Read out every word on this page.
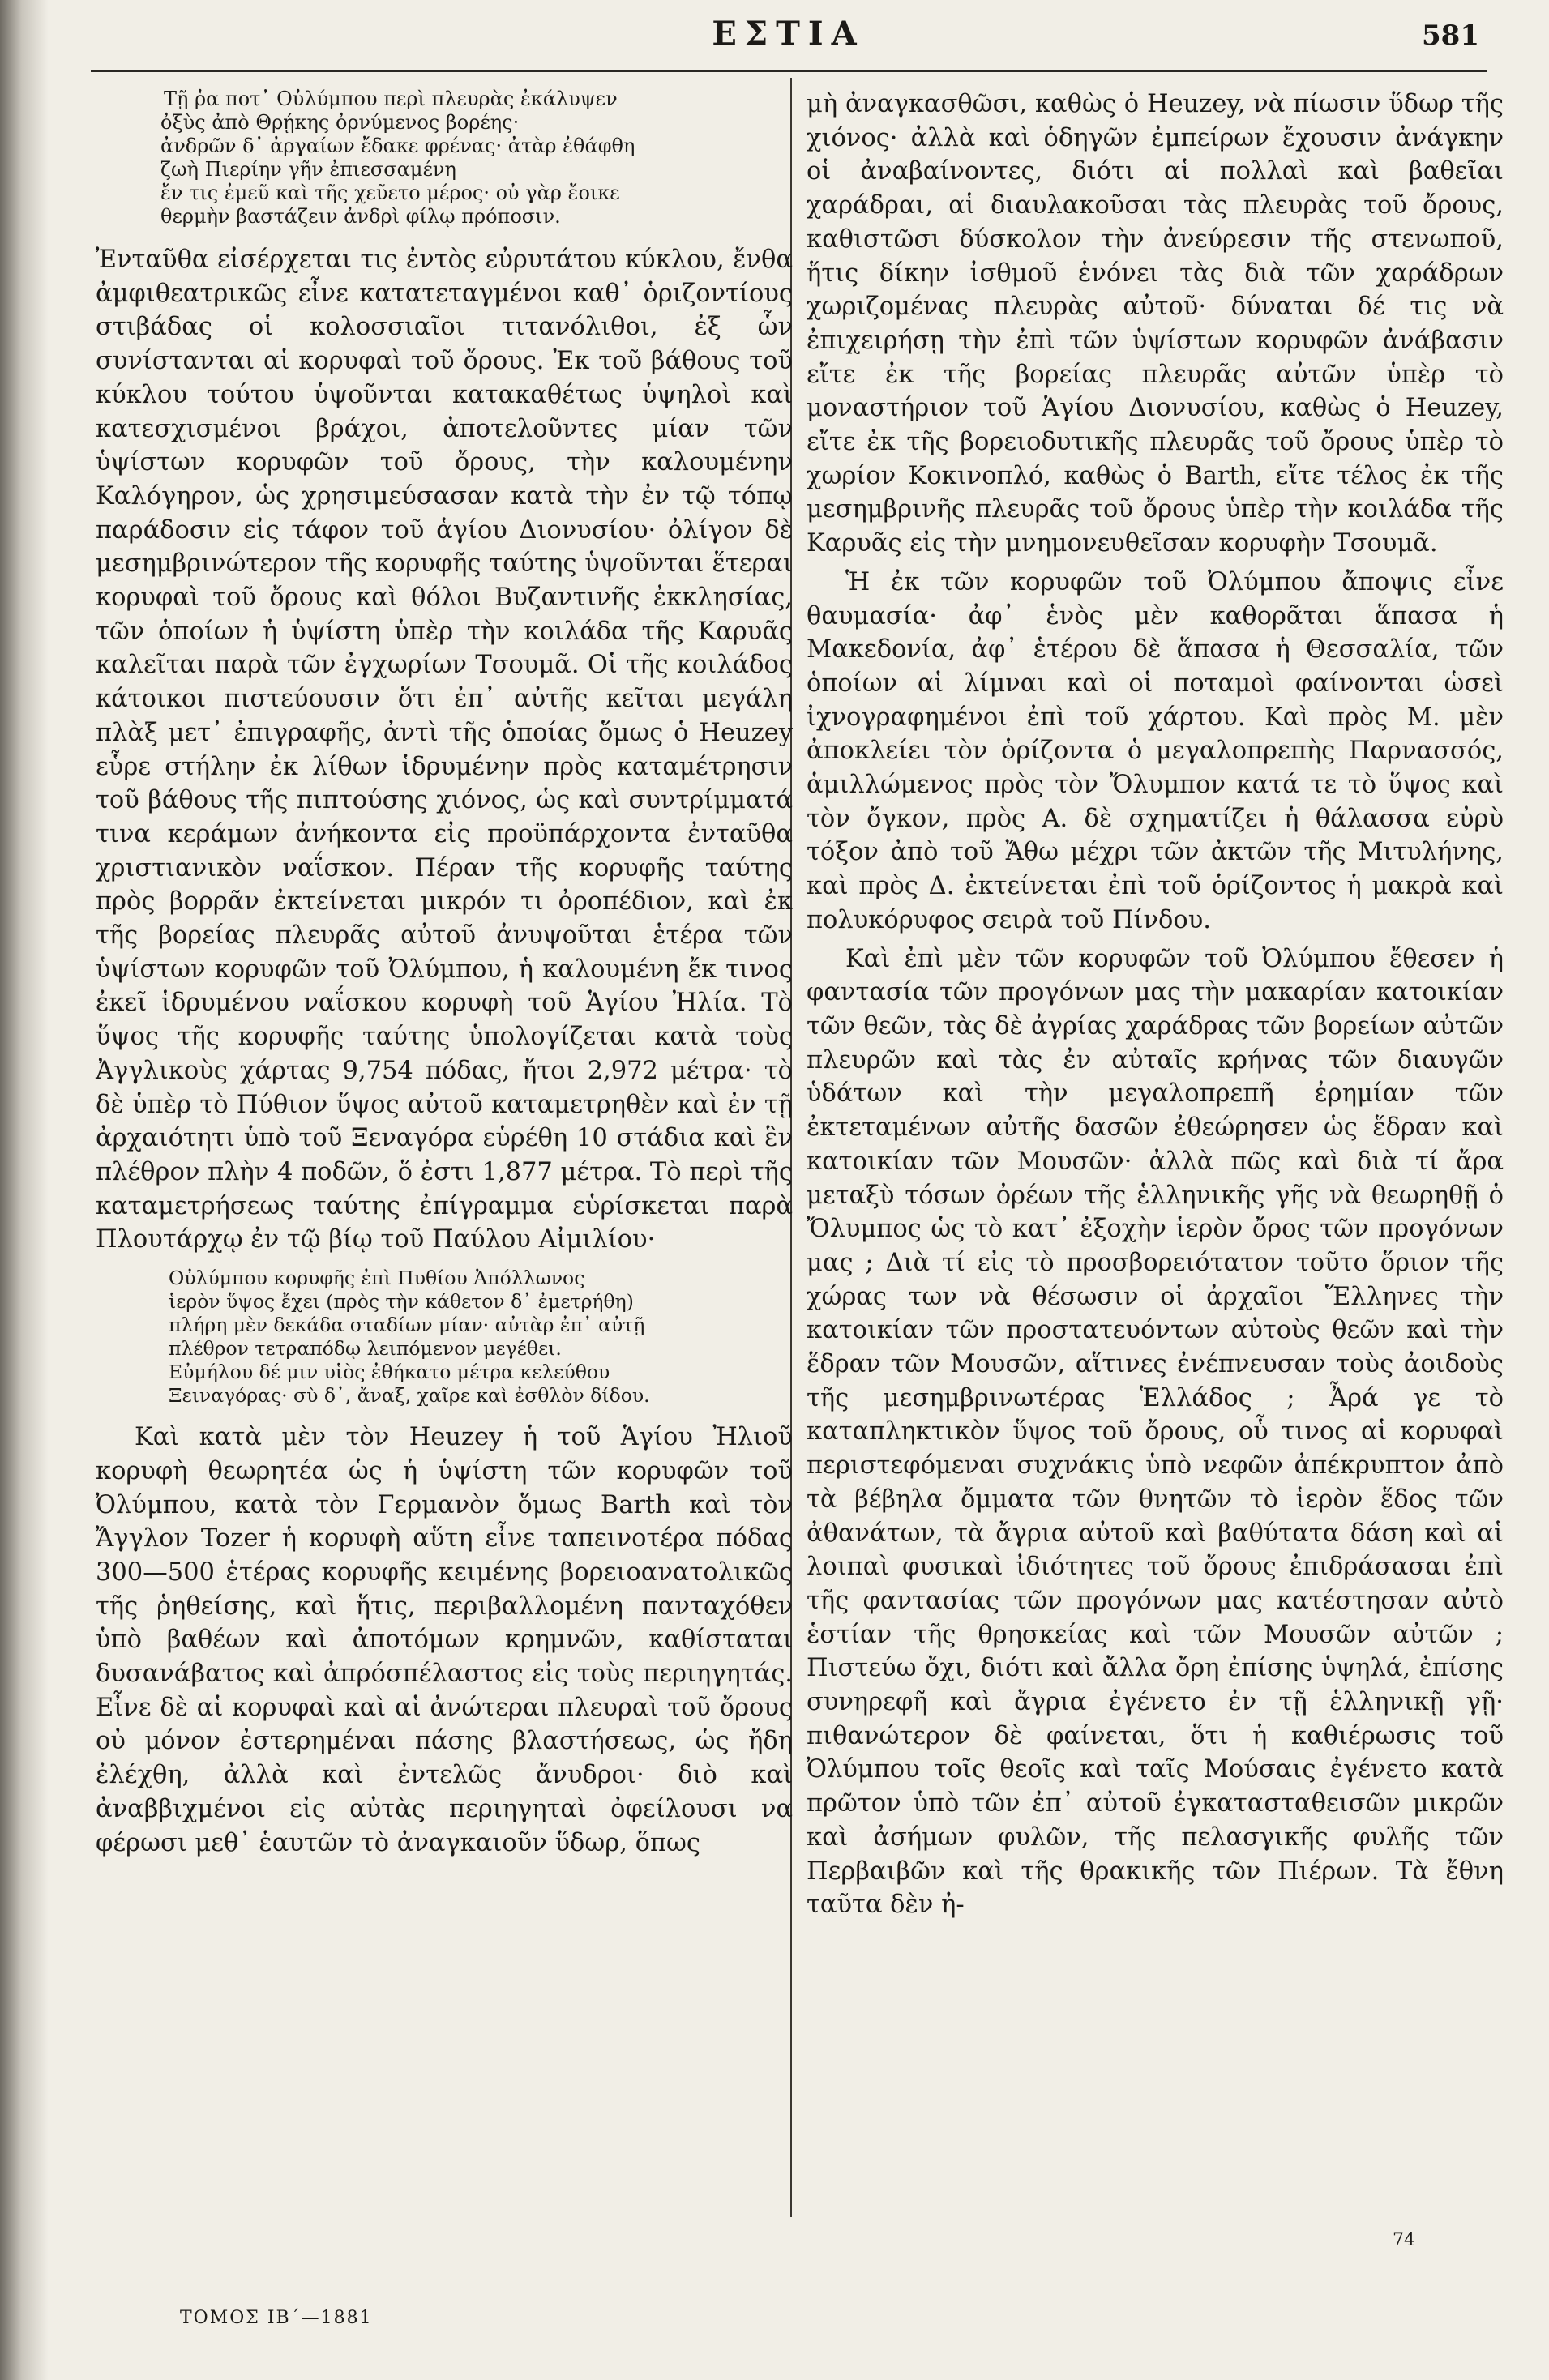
ΕΣΤΙΑ	581
Τῇ ῥα ποτ᾽ Οὐλύμπου περὶ πλευρὰς ἐκάλυψεν
ὀξὺς ἀπὸ Θρῄκης ὀρνύμενος βορέης·
ἀνδρῶν δ᾽ ἀργαίων ἔδακε φρένας· ἀτὰρ ἐθάφθη
ζωὴ Πιερίην γῆν ἐπιεσσαμένη
ἔν τις ἐμεῦ καὶ τῆς χεῦετο μέρος· οὐ γὰρ ἔοικε
θερμὴν βαστάζειν ἀνδρὶ φίλῳ πρόποσιν.

Ἐνταῦθα εἰσέρχεται τις ἐντὸς εὐρυτάτου κύκλου, ἔνθα ἀμφιθεατρικῶς εἶνε κατατεταγμένοι καθ᾽ ὁριζοντίους στιβάδας οἱ κολοσσιαῖοι τιτανόλιθοι, ἐξ ὧν συνίστανται αἱ κορυφαὶ τοῦ ὄρους. Ἐκ τοῦ βάθους τοῦ κύκλου τούτου ὑψοῦνται κατακαθέτως ὑψηλοὶ καὶ κατεσχισμένοι βράχοι, ἀποτελοῦντες μίαν τῶν ὑψίστων κορυφῶν τοῦ ὄρους, τὴν καλουμένην Καλόγηρον, ὡς χρησιμεύσασαν κατὰ τὴν ἐν τῷ τόπῳ παράδοσιν εἰς τάφον τοῦ ἁγίου Διονυσίου· ὀλίγον δὲ μεσημβρινώτερον τῆς κορυφῆς ταύτης ὑψοῦνται ἕτεραι κορυφαὶ τοῦ ὄρους καὶ θόλοι Βυζαντινῆς ἐκκλησίας, τῶν ὁποίων ἡ ὑψίστη ὑπὲρ τὴν κοιλάδα τῆς Καρυᾶς καλεῖται παρὰ τῶν ἐγχωρίων Τσουμᾶ. Οἱ τῆς κοιλάδος κάτοικοι πιστεύουσιν ὅτι ἐπ᾽ αὐτῆς κεῖται μεγάλη πλὰξ μετ᾽ ἐπιγραφῆς, ἀντὶ τῆς ὁποίας ὅμως ὁ Heuzey εὗρε στήλην ἐκ λίθων ἱδρυμένην πρὸς καταμέτρησιν τοῦ βάθους τῆς πιπτούσης χιόνος, ὡς καὶ συντρίμματά τινα κεράμων ἀνήκοντα εἰς προϋπάρχοντα ἐνταῦθα χριστιανικὸν ναΐσκον. Πέραν τῆς κορυφῆς ταύτης πρὸς βορρᾶν ἐκτείνεται μικρόν τι ὀροπέδιον, καὶ ἐκ τῆς βορείας πλευρᾶς αὐτοῦ ἀνυψοῦται ἑτέρα τῶν ὑψίστων κορυφῶν τοῦ Ὀλύμπου, ἡ καλουμένη ἔκ τινος ἐκεῖ ἱδρυμένου ναΐσκου κορυφὴ τοῦ Ἁγίου Ἠλία. Τὸ ὕψος τῆς κορυφῆς ταύτης ὑπολογίζεται κατὰ τοὺς Ἀγγλικοὺς χάρτας 9,754 πόδας, ἤτοι 2,972 μέτρα· τὸ δὲ ὑπὲρ τὸ Πύθιον ὕψος αὐτοῦ καταμετρηθὲν καὶ ἐν τῇ ἀρχαιότητι ὑπὸ τοῦ Ξεναγόρα εὑρέθη 10 στάδια καὶ ἓν πλέθρον πλὴν 4 ποδῶν, ὅ ἐστι 1,877 μέτρα. Τὸ περὶ τῆς καταμετρήσεως ταύτης ἐπίγραμμα εὑρίσκεται παρὰ Πλουτάρχῳ ἐν τῷ βίῳ τοῦ Παύλου Αἰμιλίου·

Οὐλύμπου κορυφῆς ἐπὶ Πυθίου Ἀπόλλωνος
ἱερὸν ὕψος ἔχει (πρὸς τὴν κάθετον δ᾽ ἐμετρήθη)
πλήρη μὲν δεκάδα σταδίων μίαν· αὐτὰρ ἐπ᾽ αὐτῇ
πλέθρον τετραπόδῳ λειπόμενον μεγέθει.
Εὐμήλου δέ μιν υἱὸς ἐθήκατο μέτρα κελεύθου
Ξειναγόρας· σὺ δ᾽, ἄναξ, χαῖρε καὶ ἐσθλὸν δίδου.

Καὶ κατὰ μὲν τὸν Heuzey ἡ τοῦ Ἁγίου Ἠλιοῦ κορυφὴ θεωρητέα ὡς ἡ ὑψίστη τῶν κορυφῶν τοῦ Ὀλύμπου, κατὰ τὸν Γερμανὸν ὅμως Barth καὶ τὸν Ἄγγλον Tozer ἡ κορυφὴ αὕτη εἶνε ταπεινοτέρα πόδας 300—500 ἑτέρας κορυφῆς κειμένης βορειοανατολικῶς τῆς ῥηθείσης, καὶ ἥτις, περιβαλλομένη πανταχόθεν ὑπὸ βαθέων καὶ ἀποτόμων κρημνῶν, καθίσταται δυσανάβατος καὶ ἀπρόσπέλαστος εἰς τοὺς περιηγητάς. Εἶνε δὲ αἱ κορυφαὶ καὶ αἱ ἀνώτεραι πλευραὶ τοῦ ὄρους οὐ μόνον ἐστερημέναι πάσης βλαστήσεως, ὡς ἤδη ἐλέχθη, ἀλλὰ καὶ ἐντελῶς ἄνυδροι· διὸ καὶ ἀναββιχμένοι εἰς αὐτὰς περιηγηταὶ ὀφείλουσι να φέρωσι μεθ᾽ ἑαυτῶν τὸ ἀναγκαιοῦν ὕδωρ, ὅπως

μὴ ἀναγκασθῶσι, καθὼς ὁ Heuzey, νὰ πίωσιν ὕδωρ τῆς χιόνος· ἀλλὰ καὶ ὁδηγῶν ἐμπείρων ἔχουσιν ἀνάγκην οἱ ἀναβαίνοντες, διότι αἱ πολλαὶ καὶ βαθεῖαι χαράδραι, αἱ διαυλακοῦσαι τὰς πλευρὰς τοῦ ὄρους, καθιστῶσι δύσκολον τὴν ἀνεύρεσιν τῆς στενωποῦ, ἥτις δίκην ἰσθμοῦ ἑνόνει τὰς διὰ τῶν χαράδρων χωριζομένας πλευρὰς αὐτοῦ· δύναται δέ τις νὰ ἐπιχειρήσῃ τὴν ἐπὶ τῶν ὑψίστων κορυφῶν ἀνάβασιν εἴτε ἐκ τῆς βορείας πλευρᾶς αὐτῶν ὑπὲρ τὸ μοναστήριον τοῦ Ἁγίου Διονυσίου, καθὼς ὁ Heuzey, εἴτε ἐκ τῆς βορειοδυτικῆς πλευρᾶς τοῦ ὄρους ὑπὲρ τὸ χωρίον Κοκινοπλό, καθὼς ὁ Barth, εἴτε τέλος ἐκ τῆς μεσημβρινῆς πλευρᾶς τοῦ ὄρους ὑπὲρ τὴν κοιλάδα τῆς Καρυᾶς εἰς τὴν μνημονευθεῖσαν κορυφὴν Τσουμᾶ.

Ἡ ἐκ τῶν κορυφῶν τοῦ Ὀλύμπου ἄποψις εἶνε θαυμασία· ἀφ᾽ ἑνὸς μὲν καθορᾶται ἅπασα ἡ Μακεδονία, ἀφ᾽ ἑτέρου δὲ ἅπασα ἡ Θεσσαλία, τῶν ὁποίων αἱ λίμναι καὶ οἱ ποταμοὶ φαίνονται ὡσεὶ ἰχνογραφημένοι ἐπὶ τοῦ χάρτου. Καὶ πρὸς Μ. μὲν ἀποκλείει τὸν ὁρίζοντα ὁ μεγαλοπρεπὴς Παρνασσός, ἁμιλλώμενος πρὸς τὸν Ὄλυμπον κατά τε τὸ ὕψος καὶ τὸν ὄγκον, πρὸς Α. δὲ σχηματίζει ἡ θάλασσα εὐρὺ τόξον ἀπὸ τοῦ Ἄθω μέχρι τῶν ἀκτῶν τῆς Μιτυλήνης, καὶ πρὸς Δ. ἐκτείνεται ἐπὶ τοῦ ὁρίζοντος ἡ μακρὰ καὶ πολυκόρυφος σειρὰ τοῦ Πίνδου.

Καὶ ἐπὶ μὲν τῶν κορυφῶν τοῦ Ὀλύμπου ἔθεσεν ἡ φαντασία τῶν προγόνων μας τὴν μακαρίαν κατοικίαν τῶν θεῶν, τὰς δὲ ἀγρίας χαράδρας τῶν βορείων αὐτῶν πλευρῶν καὶ τὰς ἐν αὐταῖς κρήνας τῶν διαυγῶν ὑδάτων καὶ τὴν μεγαλοπρεπῆ ἐρημίαν τῶν ἐκτεταμένων αὐτῆς δασῶν ἐθεώρησεν ὡς ἕδραν καὶ κατοικίαν τῶν Μουσῶν· ἀλλὰ πῶς καὶ διὰ τί ἄρα μεταξὺ τόσων ὀρέων τῆς ἑλληνικῆς γῆς νὰ θεωρηθῇ ὁ Ὄλυμπος ὡς τὸ κατ᾽ ἐξοχὴν ἱερὸν ὄρος τῶν προγόνων μας ; Διὰ τί εἰς τὸ προσβορειότατον τοῦτο ὅριον τῆς χώρας των νὰ θέσωσιν οἱ ἀρχαῖοι Ἕλληνες τὴν κατοικίαν τῶν προστατευόντων αὐτοὺς θεῶν καὶ τὴν ἕδραν τῶν Μουσῶν, αἵτινες ἐνέπνευσαν τοὺς ἀοιδοὺς τῆς μεσημβρινωτέρας Ἑλλάδος ; Ἆρά γε τὸ καταπληκτικὸν ὕψος τοῦ ὄρους, οὗ τινος αἱ κορυφαὶ περιστεφόμεναι συχνάκις ὑπὸ νεφῶν ἀπέκρυπτον ἀπὸ τὰ βέβηλα ὄμματα τῶν θνητῶν τὸ ἱερὸν ἕδος τῶν ἀθανάτων, τὰ ἄγρια αὐτοῦ καὶ βαθύτατα δάση καὶ αἱ λοιπαὶ φυσικαὶ ἰδιότητες τοῦ ὄρους ἐπιδράσασαι ἐπὶ τῆς φαντασίας τῶν προγόνων μας κατέστησαν αὐτὸ ἑστίαν τῆς θρησκείας καὶ τῶν Μουσῶν αὐτῶν ; Πιστεύω ὄχι, διότι καὶ ἄλλα ὄρη ἐπίσης ὑψηλά, ἐπίσης συνηρεφῆ καὶ ἄγρια ἐγένετο ἐν τῇ ἑλληνικῇ γῇ· πιθανώτερον δὲ φαίνεται, ὅτι ἡ καθιέρωσις τοῦ Ὀλύμπου τοῖς θεοῖς καὶ ταῖς Μούσαις ἐγένετο κατὰ πρῶτον ὑπὸ τῶν ἐπ᾽ αὐτοῦ ἐγκατασταθεισῶν μικρῶν καὶ ἀσήμων φυλῶν, τῆς πελασγικῆς φυλῆς τῶν Περβαιβῶν καὶ τῆς θρακικῆς τῶν Πιέρων. Τὰ ἔθνη ταῦτα δὲν ἠ-

74
ΤΟΜΟΣ ΙΒ´—1881
